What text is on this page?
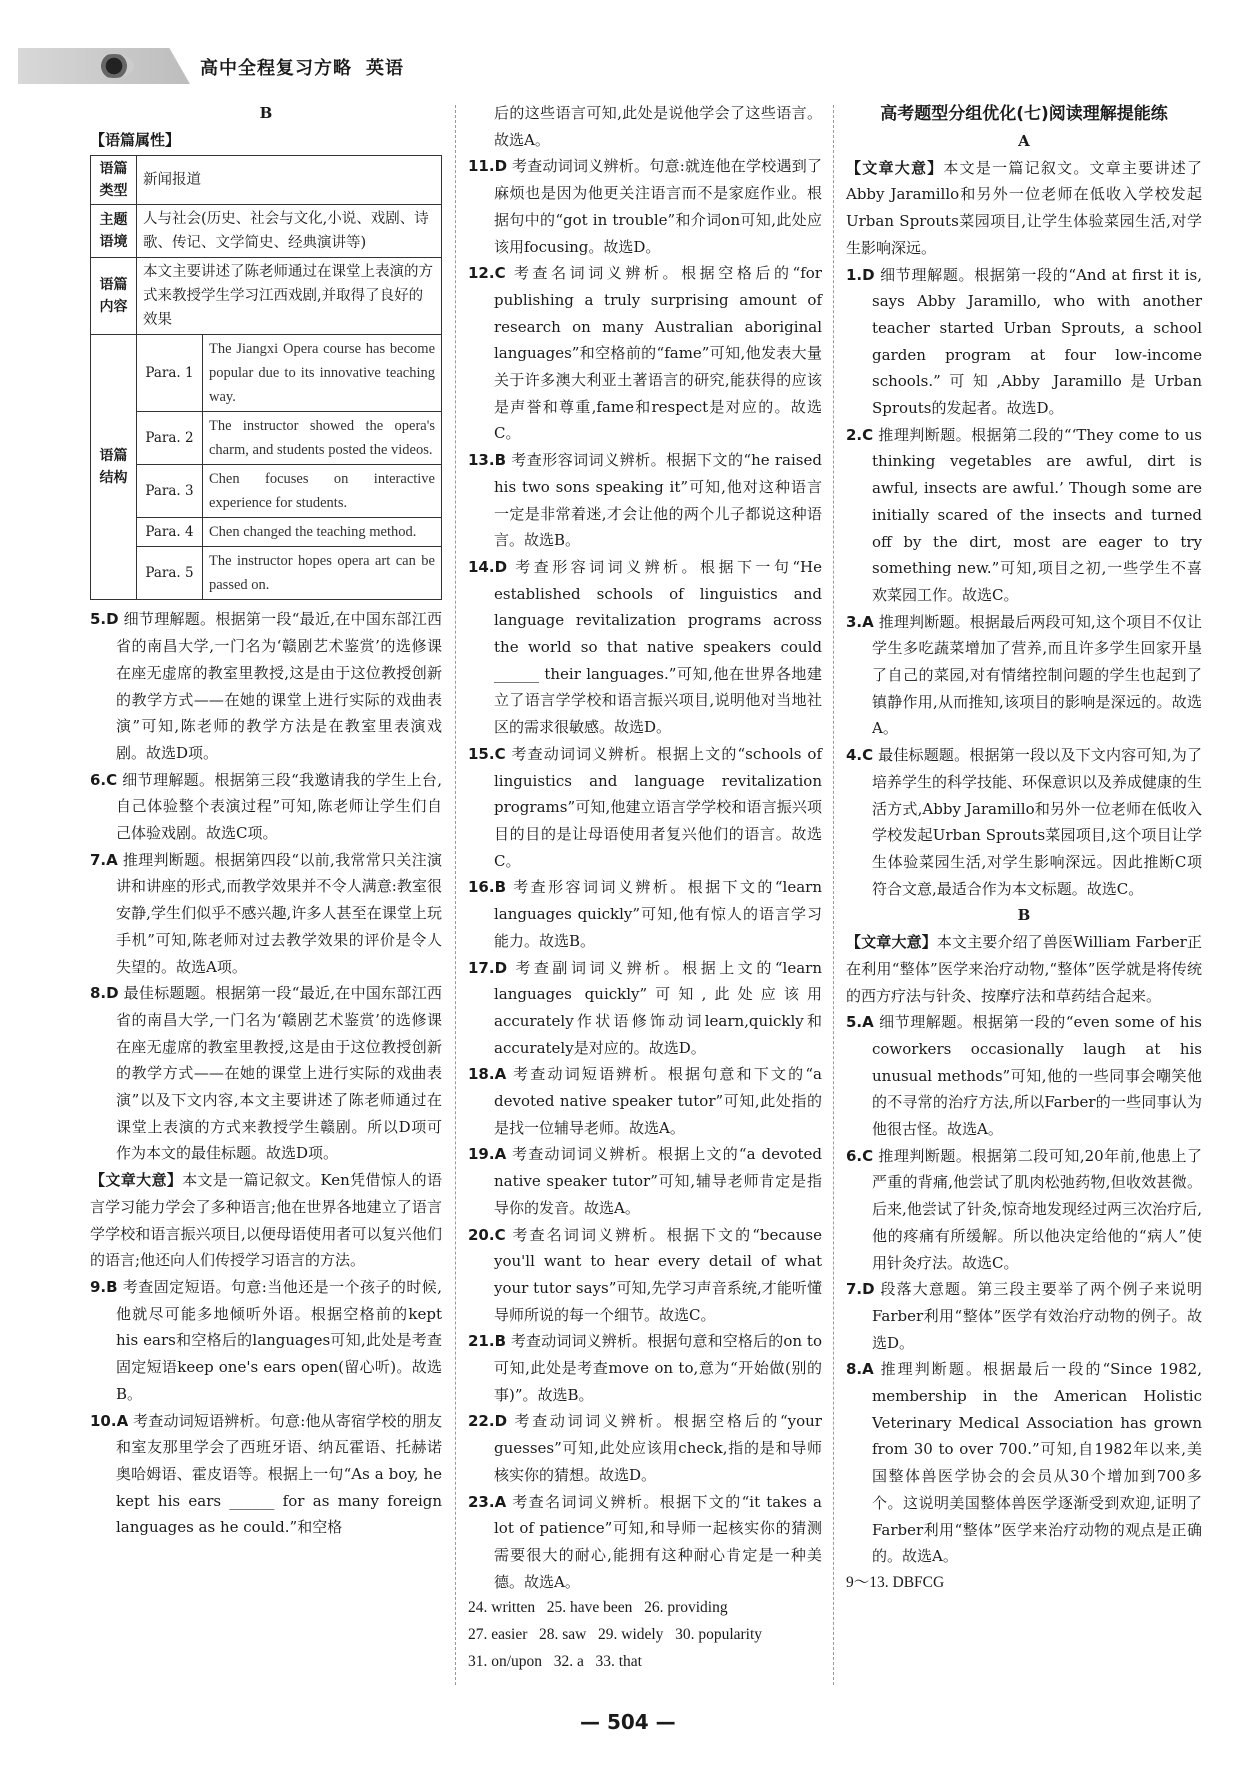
高中全程复习方略 英语
B
【语篇属性】
语篇类型	新闻报道	
主题语境	人与社会(历史、社会与文化,小说、戏剧、诗歌、传记、文学简史、经典演讲等)	
语篇内容	本文主要讲述了陈老师通过在课堂上表演的方式来教授学生学习江西戏剧,并取得了良好的效果	
语篇结构	Para. 1	The Jiangxi Opera course has become popular due to its innovative teaching way.
	Para. 2	The instructor showed the opera's charm, and students posted the videos.
	Para. 3	Chen focuses on interactive experience for students.
	Para. 4	Chen changed the teaching method.
	Para. 5	The instructor hopes opera art can be passed on.
5.D 细节理解题。根据第一段“最近,在中国东部江西省的南昌大学,一门名为‘赣剧艺术鉴赏’的选修课在座无虚席的教室里教授,这是由于这位教授创新的教学方式——在她的课堂上进行实际的戏曲表演”可知,陈老师的教学方法是在教室里表演戏剧。故选D项。
6.C 细节理解题。根据第三段“我邀请我的学生上台,自己体验整个表演过程”可知,陈老师让学生们自己体验戏剧。故选C项。
7.A 推理判断题。根据第四段“以前,我常常只关注演讲和讲座的形式,而教学效果并不令人满意:教室很安静,学生们似乎不感兴趣,许多人甚至在课堂上玩手机”可知,陈老师对过去教学效果的评价是令人失望的。故选A项。
8.D 最佳标题题。根据第一段“最近,在中国东部江西省的南昌大学,一门名为‘赣剧艺术鉴赏’的选修课在座无虚席的教室里教授,这是由于这位教授创新的教学方式——在她的课堂上进行实际的戏曲表演”以及下文内容,本文主要讲述了陈老师通过在课堂上表演的方式来教授学生赣剧。所以D项可作为本文的最佳标题。故选D项。
【文章大意】本文是一篇记叙文。Ken凭借惊人的语言学习能力学会了多种语言;他在世界各地建立了语言学学校和语言振兴项目,以便母语使用者可以复兴他们的语言;他还向人们传授学习语言的方法。
9.B 考查固定短语。句意:当他还是一个孩子的时候,他就尽可能多地倾听外语。根据空格前的kept his ears和空格后的languages可知,此处是考查固定短语keep one's ears open(留心听)。故选B。
10.A 考查动词短语辨析。句意:他从寄宿学校的朋友和室友那里学会了西班牙语、纳瓦霍语、托赫诺奥哈姆语、霍皮语等。根据上一句“As a boy, he kept his ears ______ for as many foreign languages as he could.”和空格
后的这些语言可知,此处是说他学会了这些语言。故选A。
11.D 考查动词词义辨析。句意:就连他在学校遇到了麻烦也是因为他更关注语言而不是家庭作业。根据句中的“got in trouble”和介词on可知,此处应该用focusing。故选D。
12.C 考查名词词义辨析。根据空格后的“for publishing a truly surprising amount of research on many Australian aboriginal languages”和空格前的“fame”可知,他发表大量关于许多澳大利亚土著语言的研究,能获得的应该是声誉和尊重,fame和respect是对应的。故选C。
13.B 考查形容词词义辨析。根据下文的“he raised his two sons speaking it”可知,他对这种语言一定是非常着迷,才会让他的两个儿子都说这种语言。故选B。
14.D 考查形容词词义辨析。根据下一句“He established schools of linguistics and language revitalization programs across the world so that native speakers could ______ their languages.”可知,他在世界各地建立了语言学学校和语言振兴项目,说明他对当地社区的需求很敏感。故选D。
15.C 考查动词词义辨析。根据上文的“schools of linguistics and language revitalization programs”可知,他建立语言学学校和语言振兴项目的目的是让母语使用者复兴他们的语言。故选C。
16.B 考查形容词词义辨析。根据下文的“learn languages quickly”可知,他有惊人的语言学习能力。故选B。
17.D 考查副词词义辨析。根据上文的“learn languages quickly”可知,此处应该用accurately作状语修饰动词learn,quickly和accurately是对应的。故选D。
18.A 考查动词短语辨析。根据句意和下文的“a devoted native speaker tutor”可知,此处指的是找一位辅导老师。故选A。
19.A 考查动词词义辨析。根据上文的“a devoted native speaker tutor”可知,辅导老师肯定是指导你的发音。故选A。
20.C 考查名词词义辨析。根据下文的“because you'll want to hear every detail of what your tutor says”可知,先学习声音系统,才能听懂导师所说的每一个细节。故选C。
21.B 考查动词词义辨析。根据句意和空格后的on to可知,此处是考查move on to,意为“开始做(别的事)”。故选B。
22.D 考查动词词义辨析。根据空格后的“your guesses”可知,此处应该用check,指的是和导师核实你的猜想。故选D。
23.A 考查名词词义辨析。根据下文的“it takes a lot of patience”可知,和导师一起核实你的猜测需要很大的耐心,能拥有这种耐心肯定是一种美德。故选A。
24. written 25. have been 26. providing
27. easier 28. saw 29. widely 30. popularity
31. on/upon 32. a 33. that
高考题型分组优化(七)阅读理解提能练
A
【文章大意】本文是一篇记叙文。文章主要讲述了Abby Jaramillo和另外一位老师在低收入学校发起Urban Sprouts菜园项目,让学生体验菜园生活,对学生影响深远。
1.D 细节理解题。根据第一段的“And at first it is, says Abby Jaramillo, who with another teacher started Urban Sprouts, a school garden program at four low-income schools.”可知,Abby Jaramillo是Urban Sprouts的发起者。故选D。
2.C 推理判断题。根据第二段的“‘They come to us thinking vegetables are awful, dirt is awful, insects are awful.’ Though some are initially scared of the insects and turned off by the dirt, most are eager to try something new.”可知,项目之初,一些学生不喜欢菜园工作。故选C。
3.A 推理判断题。根据最后两段可知,这个项目不仅让学生多吃蔬菜增加了营养,而且许多学生回家开垦了自己的菜园,对有情绪控制问题的学生也起到了镇静作用,从而推知,该项目的影响是深远的。故选A。
4.C 最佳标题题。根据第一段以及下文内容可知,为了培养学生的科学技能、环保意识以及养成健康的生活方式,Abby Jaramillo和另外一位老师在低收入学校发起Urban Sprouts菜园项目,这个项目让学生体验菜园生活,对学生影响深远。因此推断C项符合文意,最适合作为本文标题。故选C。
B
【文章大意】本文主要介绍了兽医William Farber正在利用“整体”医学来治疗动物,“整体”医学就是将传统的西方疗法与针灸、按摩疗法和草药结合起来。
5.A 细节理解题。根据第一段的“even some of his coworkers occasionally laugh at his unusual methods”可知,他的一些同事会嘲笑他的不寻常的治疗方法,所以Farber的一些同事认为他很古怪。故选A。
6.C 推理判断题。根据第二段可知,20年前,他患上了严重的背痛,他尝试了肌肉松弛药物,但收效甚微。后来,他尝试了针灸,惊奇地发现经过两三次治疗后,他的疼痛有所缓解。所以他决定给他的“病人”使用针灸疗法。故选C。
7.D 段落大意题。第三段主要举了两个例子来说明Farber利用“整体”医学有效治疗动物的例子。故选D。
8.A 推理判断题。根据最后一段的“Since 1982, membership in the American Holistic Veterinary Medical Association has grown from 30 to over 700.”可知,自1982年以来,美国整体兽医学协会的会员从30个增加到700多个。这说明美国整体兽医学逐渐受到欢迎,证明了Farber利用“整体”医学来治疗动物的观点是正确的。故选A。
9～13. DBFCG
— 504 —
